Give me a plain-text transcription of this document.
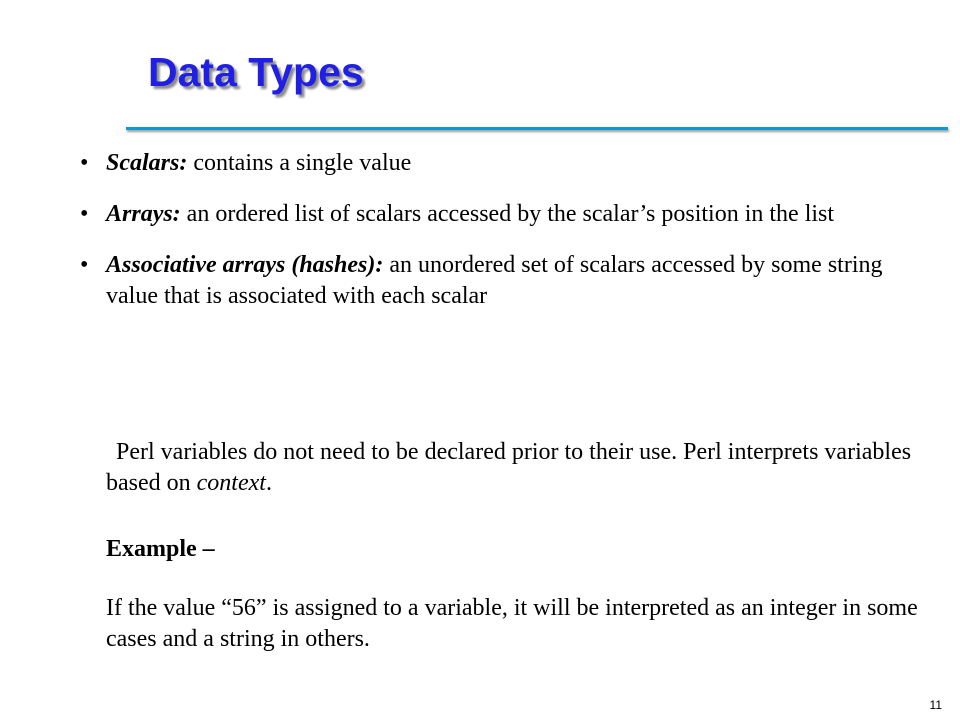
Data Types
• Scalars: contains a single value
• Arrays: an ordered list of scalars accessed by the scalar’s position in the list
• Associative arrays (hashes): an unordered set of scalars accessed by some string value that is associated with each scalar
Perl variables do not need to be declared prior to their use. Perl interprets variables based on context.
Example –
If the value “56” is assigned to a variable, it will be interpreted as an integer in some cases and a string in others.
11
